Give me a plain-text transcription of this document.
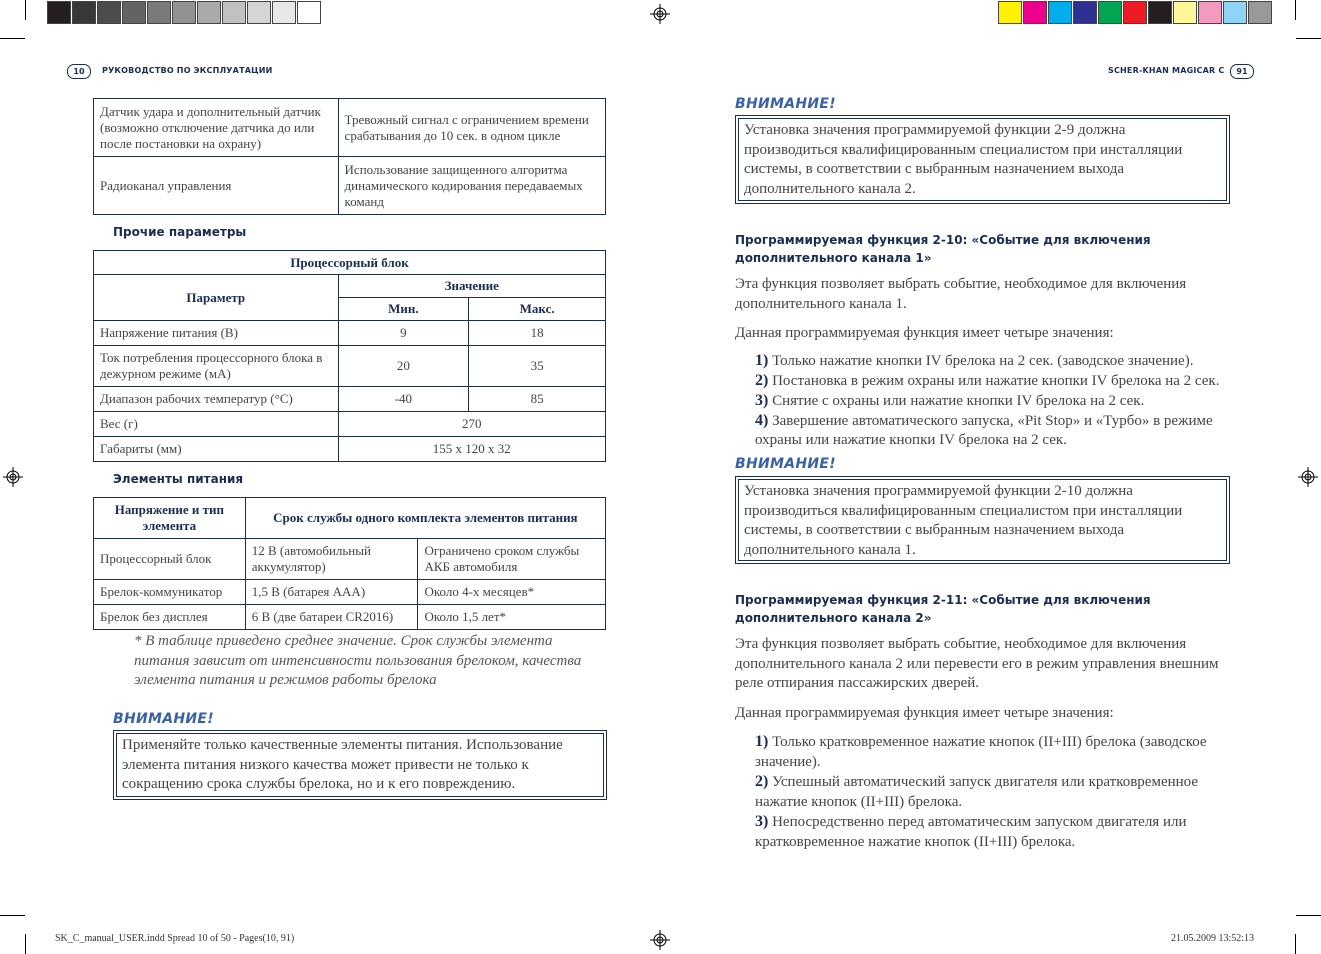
10	РУКОВОДСТВО ПО ЭКСПЛУАТАЦИИ	SCHER-KHAN MAGICAR C	91
Датчик удара и дополнительный датчик (возможно отключение датчика до или после постановки на охрану)	Тревожный сигнал с ограничением времени срабатывания до 10 сек. в одном цикле
Радиоканал управления	Использование защищенного алгоритма динамического кодирования передаваемых команд
Прочие параметры
Процессорный блок		
Параметр	Значение	
	Мин.	Макс.
Напряжение питания (В)	9	18
Ток потребления процессорного блока в дежурном режиме (мА)	20	35
Диапазон рабочих температур (°С)	-40	85
Вес (г)	270	
Габариты (мм)	155 х 120 х 32	
Элементы питания
Напряжение и тип элемента	Срок службы одного комплекта элементов питания	
Процессорный блок	12 В (автомобильный аккумулятор)	Ограничено сроком службы АКБ автомобиля
Брелок-коммуникатор	1,5 В (батарея ААА)	Около 4-х месяцев*
Брелок без дисплея	6 В (две батареи CR2016)	Около 1,5 лет*
* В таблице приведено среднее значение. Срок службы элемента питания зависит от интенсивности пользования брелоком, качества элемента питания и режимов работы брелока
ВНИМАНИЕ!
Применяйте только качественные элементы питания. Использование элемента питания низкого качества может привести не только к сокращению срока службы брелока, но и к его повреждению.
ВНИМАНИЕ!
Установка значения программируемой функции 2-9 должна производиться квалифицированным специалистом при инсталляции системы, в соответствии с выбранным назначением выхода дополнительного канала 2.
Программируемая функция 2-10: «Событие для включения дополнительного канала 1»
Эта функция позволяет выбрать событие, необходимое для включения дополнительного канала 1.
Данная программируемая функция имеет четыре значения:
1) Только нажатие кнопки IV брелока на 2 сек. (заводское значение).
2) Постановка в режим охраны или нажатие кнопки IV брелока на 2 сек.
3) Снятие с охраны или нажатие кнопки IV брелока на 2 сек.
4) Завершение автоматического запуска, «Pit Stop» и «Турбо» в режиме охраны или нажатие кнопки IV брелока на 2 сек.
ВНИМАНИЕ!
Установка значения программируемой функции 2-10 должна производиться квалифицированным специалистом при инсталляции системы, в соответствии с выбранным назначением выхода дополнительного канала 1.
Программируемая функция 2-11: «Событие для включения дополнительного канала 2»
Эта функция позволяет выбрать событие, необходимое для включения дополнительного канала 2 или перевести его в режим управления внешним реле отпирания пассажирских дверей.
Данная программируемая функция имеет четыре значения:
1) Только кратковременное нажатие кнопок (II+III) брелока (заводское значение).
2) Успешный автоматический запуск двигателя или кратковременное нажатие кнопок (II+III) брелока.
3) Непосредственно перед автоматическим запуском двигателя или кратковременное нажатие кнопок (II+III) брелока.
SK_C_manual_USER.indd Spread 10 of 50 - Pages(10, 91)	21.05.2009 13:52:13
